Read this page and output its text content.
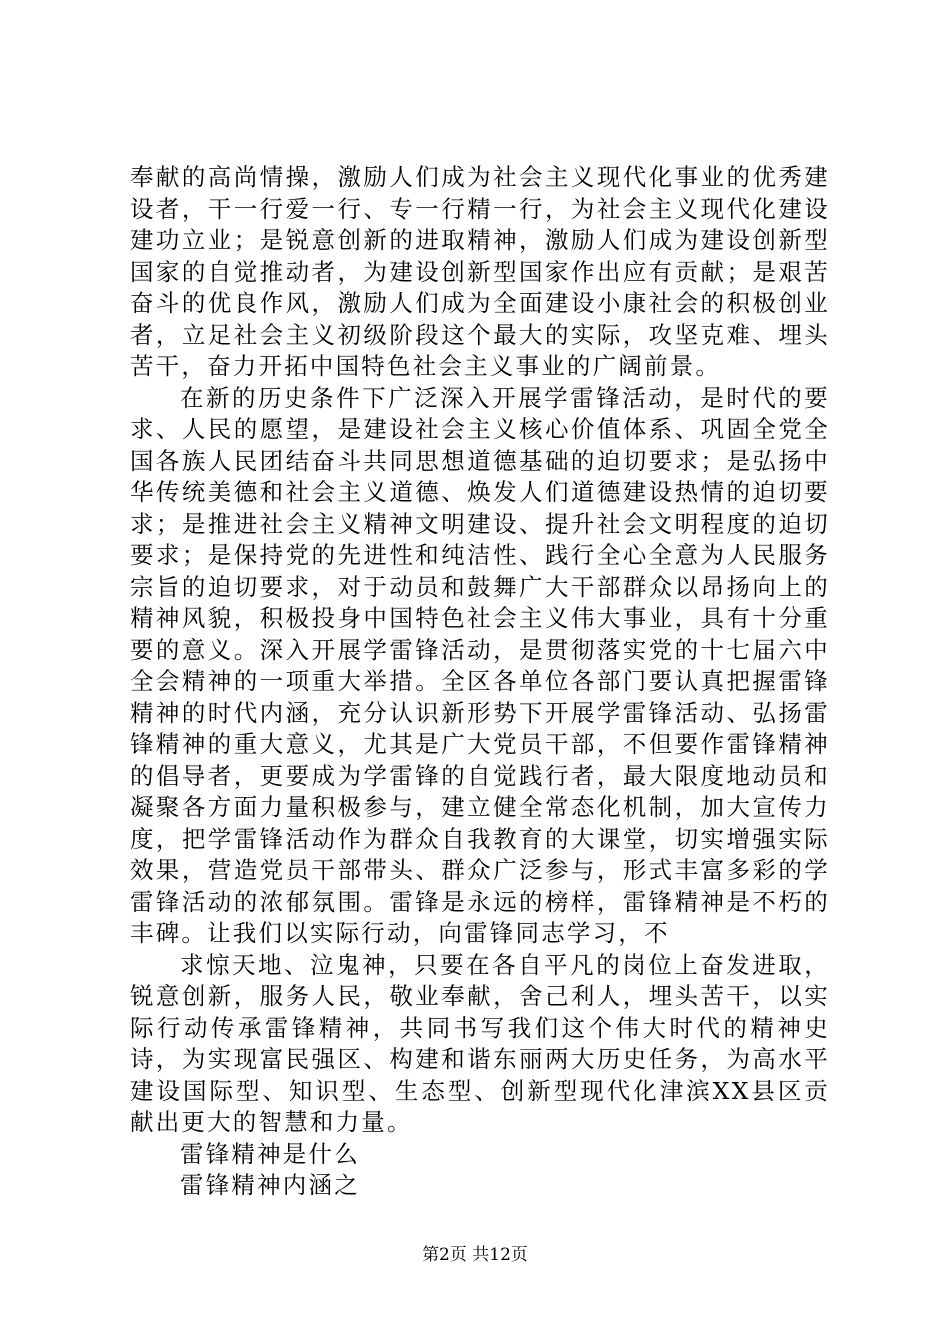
奉献的高尚情操，激励人们成为社会主义现代化事业的优秀建设者，干一行爱一行、专一行精一行，为社会主义现代化建设建功立业；是锐意创新的进取精神，激励人们成为建设创新型国家的自觉推动者，为建设创新型国家作出应有贡献；是艰苦奋斗的优良作风，激励人们成为全面建设小康社会的积极创业者，立足社会主义初级阶段这个最大的实际，攻坚克难、埋头苦干，奋力开拓中国特色社会主义事业的广阔前景。

在新的历史条件下广泛深入开展学雷锋活动，是时代的要求、人民的愿望，是建设社会主义核心价值体系、巩固全党全国各族人民团结奋斗共同思想道德基础的迫切要求；是弘扬中华传统美德和社会主义道德、焕发人们道德建设热情的迫切要求；是推进社会主义精神文明建设、提升社会文明程度的迫切要求；是保持党的先进性和纯洁性、践行全心全意为人民服务宗旨的迫切要求，对于动员和鼓舞广大干部群众以昂扬向上的精神风貌，积极投身中国特色社会主义伟大事业，具有十分重要的意义。深入开展学雷锋活动，是贯彻落实党的十七届六中全会精神的一项重大举措。全区各单位各部门要认真把握雷锋精神的时代内涵，充分认识新形势下开展学雷锋活动、弘扬雷锋精神的重大意义，尤其是广大党员干部，不但要作雷锋精神的倡导者，更要成为学雷锋的自觉践行者，最大限度地动员和凝聚各方面力量积极参与，建立健全常态化机制，加大宣传力度，把学雷锋活动作为群众自我教育的大课堂，切实增强实际效果，营造党员干部带头、群众广泛参与，形式丰富多彩的学雷锋活动的浓郁氛围。雷锋是永远的榜样，雷锋精神是不朽的丰碑。让我们以实际行动，向雷锋同志学习，不

求惊天地、泣鬼神，只要在各自平凡的岗位上奋发进取，锐意创新，服务人民，敬业奉献，舍己利人，埋头苦干，以实际行动传承雷锋精神，共同书写我们这个伟大时代的精神史诗，为实现富民强区、构建和谐东丽两大历史任务，为高水平建设国际型、知识型、生态型、创新型现代化津滨XX县区贡献出更大的智慧和力量。

雷锋精神是什么

雷锋精神内涵之

第2页 共12页
